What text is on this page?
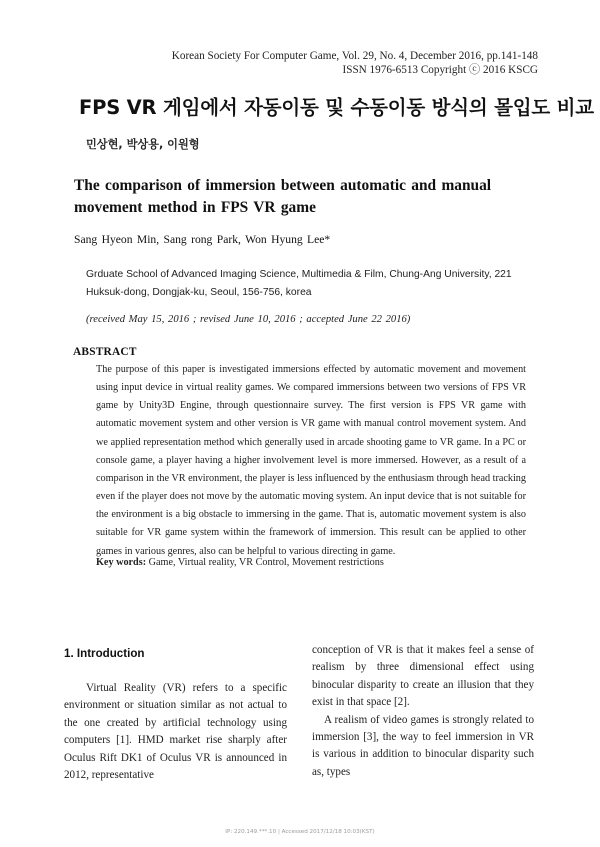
Korean Society For Computer Game, Vol. 29, No. 4, December 2016, pp.141-148
ISSN 1976-6513 Copyright ⓒ 2016 KSCG
FPS VR 게임에서 자동이동 및 수동이동 방식의 몰입도 비교
민상현, 박상용, 이원형
The comparison of immersion between automatic and manual movement method in FPS VR game
Sang Hyeon Min, Sang rong Park, Won Hyung Lee*
Grduate School of Advanced Imaging Science, Multimedia & Film, Chung-Ang University, 221
Huksuk-dong, Dongjak-ku, Seoul, 156-756, korea
(received May 15, 2016 ; revised June 10, 2016 ; accepted June 22 2016)
ABSTRACT
The purpose of this paper is investigated immersions effected by automatic movement and movement using input device in virtual reality games. We compared immersions between two versions of FPS VR game by Unity3D Engine, through questionnaire survey. The first version is FPS VR game with automatic movement system and other version is VR game with manual control movement system. And we applied representation method which generally used in arcade shooting game to VR game. In a PC or console game, a player having a higher involvement level is more immersed. However, as a result of a comparison in the VR environment, the player is less influenced by the enthusiasm through head tracking even if the player does not move by the automatic moving system. An input device that is not suitable for the environment is a big obstacle to immersing in the game. That is, automatic movement system is also suitable for VR game system within the framework of immersion. This result can be applied to other games in various genres, also can be helpful to various directing in game.
Key words: Game, Virtual reality, VR Control, Movement restrictions
1. Introduction
Virtual Reality (VR) refers to a specific environment or situation similar as not actual to the one created by artificial technology using computers [1]. HMD market rise sharply after Oculus Rift DK1 of Oculus VR is announced in 2012, representative

conception of VR is that it makes feel a sense of realism by three dimensional effect using binocular disparity to create an illusion that they exist in that space [2].

A realism of video games is strongly related to immersion [3], the way to feel immersion in VR is various in addition to binocular disparity such as, types

IP: 220.149.***.10 | Accessed 2017/12/18 10:03(KST)
